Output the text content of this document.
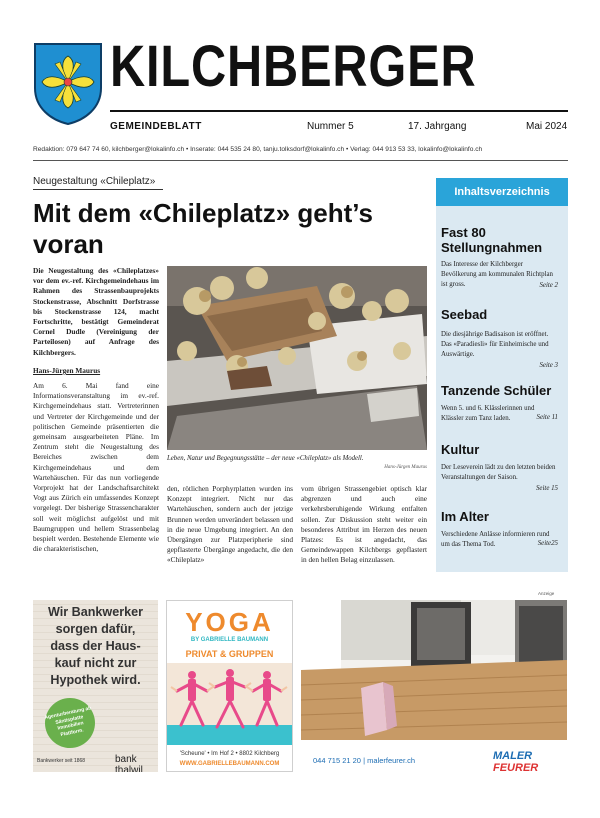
KILCHBERGER
GEMEINDEBLATT	Nummer 5	17. Jahrgang	Mai 2024
Redaktion: 079 647 74 60, kilchberger@lokalinfo.ch • Inserate: 044 535 24 80, tanju.tolksdorf@lokalinfo.ch • Verlag: 044 913 53 33, lokalinfo@lokalinfo.ch
Neugestaltung «Chileplatz»
Mit dem «Chileplatz» geht’s voran
Die Neugestaltung des «Chileplatzes» vor dem ev.-ref. Kirchgemeindehaus im Rahmen des Strassenbauprojekts Stockenstrasse, Abschnitt Dorfstrasse bis Stockenstrasse 124, macht Fortschritte, bestätigt Gemeinderat Cornel Dudle (Vereinigung der Parteilosen) auf Anfrage des Kilchbergers.
Hans-Jürgen Maurus
Am 6. Mai fand eine Informationsveranstaltung im ev.-ref. Kirchgemeindehaus statt. Vertreterinnen und Vertreter der Kirchgemeinde und der politischen Gemeinde präsentierten die gemeinsam ausgearbeiteten Pläne. Im Zentrum steht die Neugestaltung des Bereiches zwischen dem Kirchgemeindehaus und dem Wartehäuschen. Für das nun vorliegende Vorprojekt hat der Landschaftsarchitekt Vogt aus Zürich ein umfassendes Konzept vorgelegt. Der bisherige Strassencharakter soll weit möglichst aufgelöst und mit Baumgruppen und hellem Strassenbelag bespielt werden. Bestehende Elemente wie die charakteristischen,
den, rötlichen Porphyrplatten wurden ins Konzept integriert. Nicht nur das Wartehäuschen, sondern auch der jetzige Brunnen werden unverändert belassen und in die neue Umgebung integriert. An den Übergängen zur Platzperipherie sind gepflasterte Übergänge angedacht, die den «Chileplatz»
vom übrigen Strassengebiet optisch klar abgrenzen und auch eine verkehrsberuhigende Wirkung entfalten sollen. Zur Diskussion steht weiter ein besonderes Attribut im Herzen des neuen Platzes: Es ist angedacht, das Gemeindewappen Kilchbergs gepflastert in den hellen Belag einzulassen.
Leben, Natur und Begegnungsstätte – der neue «Chileplatz» als Modell.
Hans-Jürgen Maurus
Inhaltsverzeichnis
Fast 80 Stellungnahmen
Das Interesse der Kilchberger Bevölkerung am kommunalen Richtplan ist gross.	Seite 2
Seebad
Die diesjährige Badisaison ist eröffnet. Das «Paradiesli» für Einheimische und Auswärtige.
Seite 3
Tanzende Schüler
Wenn 5. und 6. Klässlerinnen und Klässler zum Tanz laden.	Seite 11
Kultur
Der Leseverein lädt zu den letzten beiden Veranstaltungen der Saison.
Seite 15
Im Alter
Verschiedene Anlässe informieren rund um das Thema Tod.	Seite25
Anzeige
Wir Bankwerker
sorgen dafür,
dass der Haus-
kauf nicht zur
Hypothek wird.
Agenturberatung ab Säntisplatte Immobilien Plattform.
Bankwerker seit 1868	bank thalwil
YOGA
BY GABRIELLE BAUMANN
PRIVAT & GRUPPEN
'Scheune' • Im Hof 2 • 8802 Kilchberg
WWW.GABRIELLEBAUMANN.COM	044 715 21 20 | malerfeurer.ch	MALER FEURER
